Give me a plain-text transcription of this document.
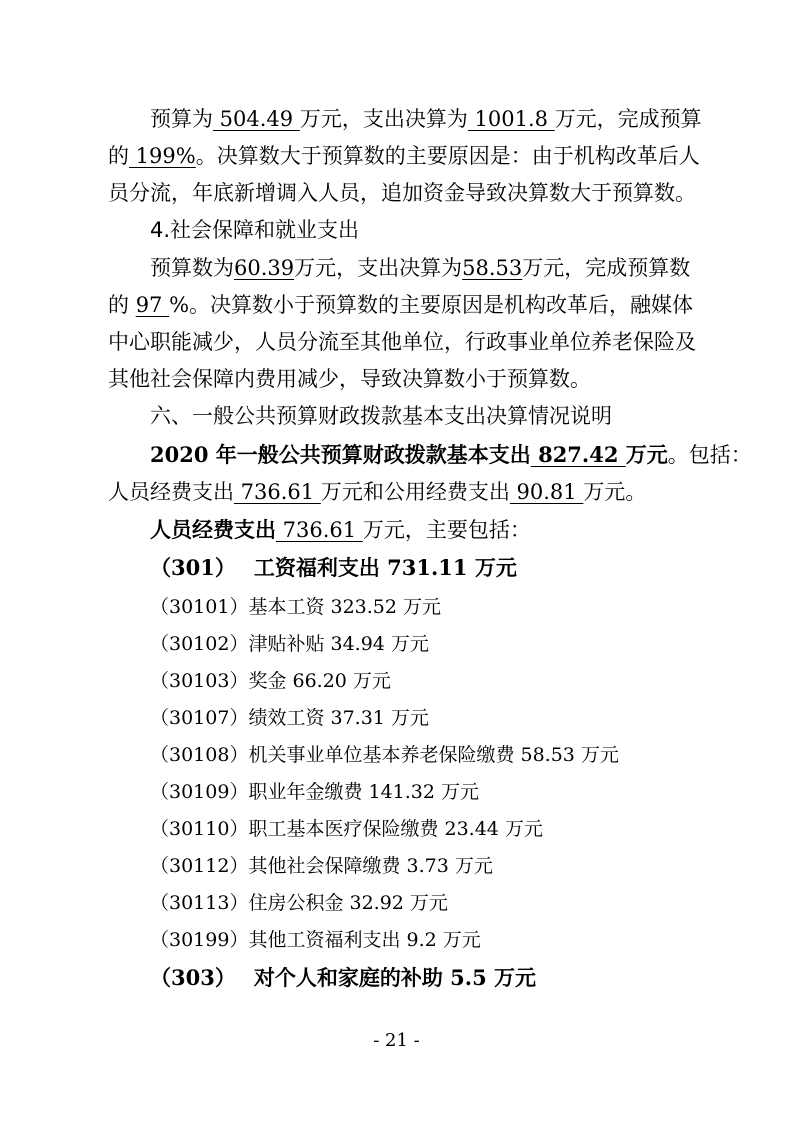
预算为 504.49 万元，支出决算为 1001.8 万元，完成预算
的 199%。决算数大于预算数的主要原因是：由于机构改革后人
员分流，年底新增调入人员，追加资金导致决算数大于预算数。
4.社会保障和就业支出
预算数为60.39万元，支出决算为58.53万元，完成预算数
的 97 %。决算数小于预算数的主要原因是机构改革后，融媒体
中心职能减少，人员分流至其他单位，行政事业单位养老保险及
其他社会保障内费用减少，导致决算数小于预算数。
六、一般公共预算财政拨款基本支出决算情况说明
2020 年一般公共预算财政拨款基本支出 827.42 万元。包括：
人员经费支出 736.61 万元和公用经费支出 90.81 万元。
人员经费支出 736.61 万元，主要包括：
（301） 工资福利支出 731.11 万元
（30101）基本工资 323.52 万元
（30102）津贴补贴 34.94 万元
（30103）奖金 66.20 万元
（30107）绩效工资 37.31 万元
（30108）机关事业单位基本养老保险缴费 58.53 万元
（30109）职业年金缴费 141.32 万元
（30110）职工基本医疗保险缴费 23.44 万元
（30112）其他社会保障缴费 3.73 万元
（30113）住房公积金 32.92 万元
（30199）其他工资福利支出 9.2 万元
（303） 对个人和家庭的补助 5.5 万元
- 21 -
